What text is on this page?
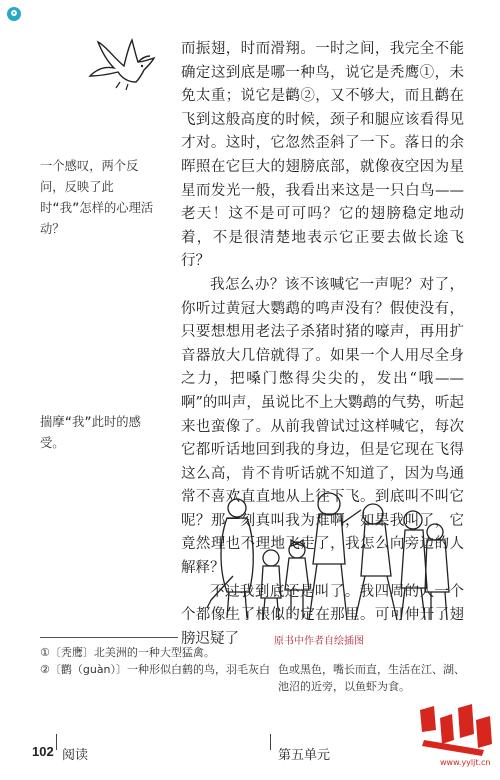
一个感叹，两个反问，反映了此时“我”怎样的心理活动？
揣摩“我”此时的感受。

而振翅，时而滑翔。一时之间，我完全不能确定这到底是哪一种鸟，说它是秃鹰①，未免太重；说它是鹳②，又不够大，而且鹳在飞到这般高度的时候，颈子和腿应该看得见才对。这时，它忽然歪斜了一下。落日的余晖照在它巨大的翅膀底部，就像夜空因为星星而发光一般，我看出来这是一只白鸟——老天！这不是可可吗？它的翅膀稳定地动着，不是很清楚地表示它正要去做长途飞行？

我怎么办？该不该喊它一声呢？对了，你听过黄冠大鹦鹉的鸣声没有？假使没有，只要想想用老法子杀猪时猪的嚎声，再用扩音器放大几倍就得了。如果一个人用尽全身之力，把嗓门憋得尖尖的，发出“哦——啊”的叫声，虽说比不上大鹦鹉的气势，听起来也蛮像了。从前我曾试过这样喊它，每次它都听话地回到我的身边，但是它现在飞得这么高，肯不肯听话就不知道了，因为鸟通常不喜欢直直地从上往下飞。到底叫不叫它呢？那一刻真叫我为难啊，如果我叫了，它竟然理也不理地飞走了，我怎么向旁边的人解释？

不过我到底还是叫了。我四周的人一个个都像生了根似的定在那里。可可伸开了翅膀迟疑了	原书中作者自绘插图
①〔秃鹰〕北美洲的一种大型猛禽。
②〔鹳（guàn）〕一种形似白鹤的鸟，羽毛灰白 色或黑色，嘴长而直，生活在江、湖、池沼的近旁，以鱼虾为食。
102 阅读	第五单元	www.yyljt.cn
